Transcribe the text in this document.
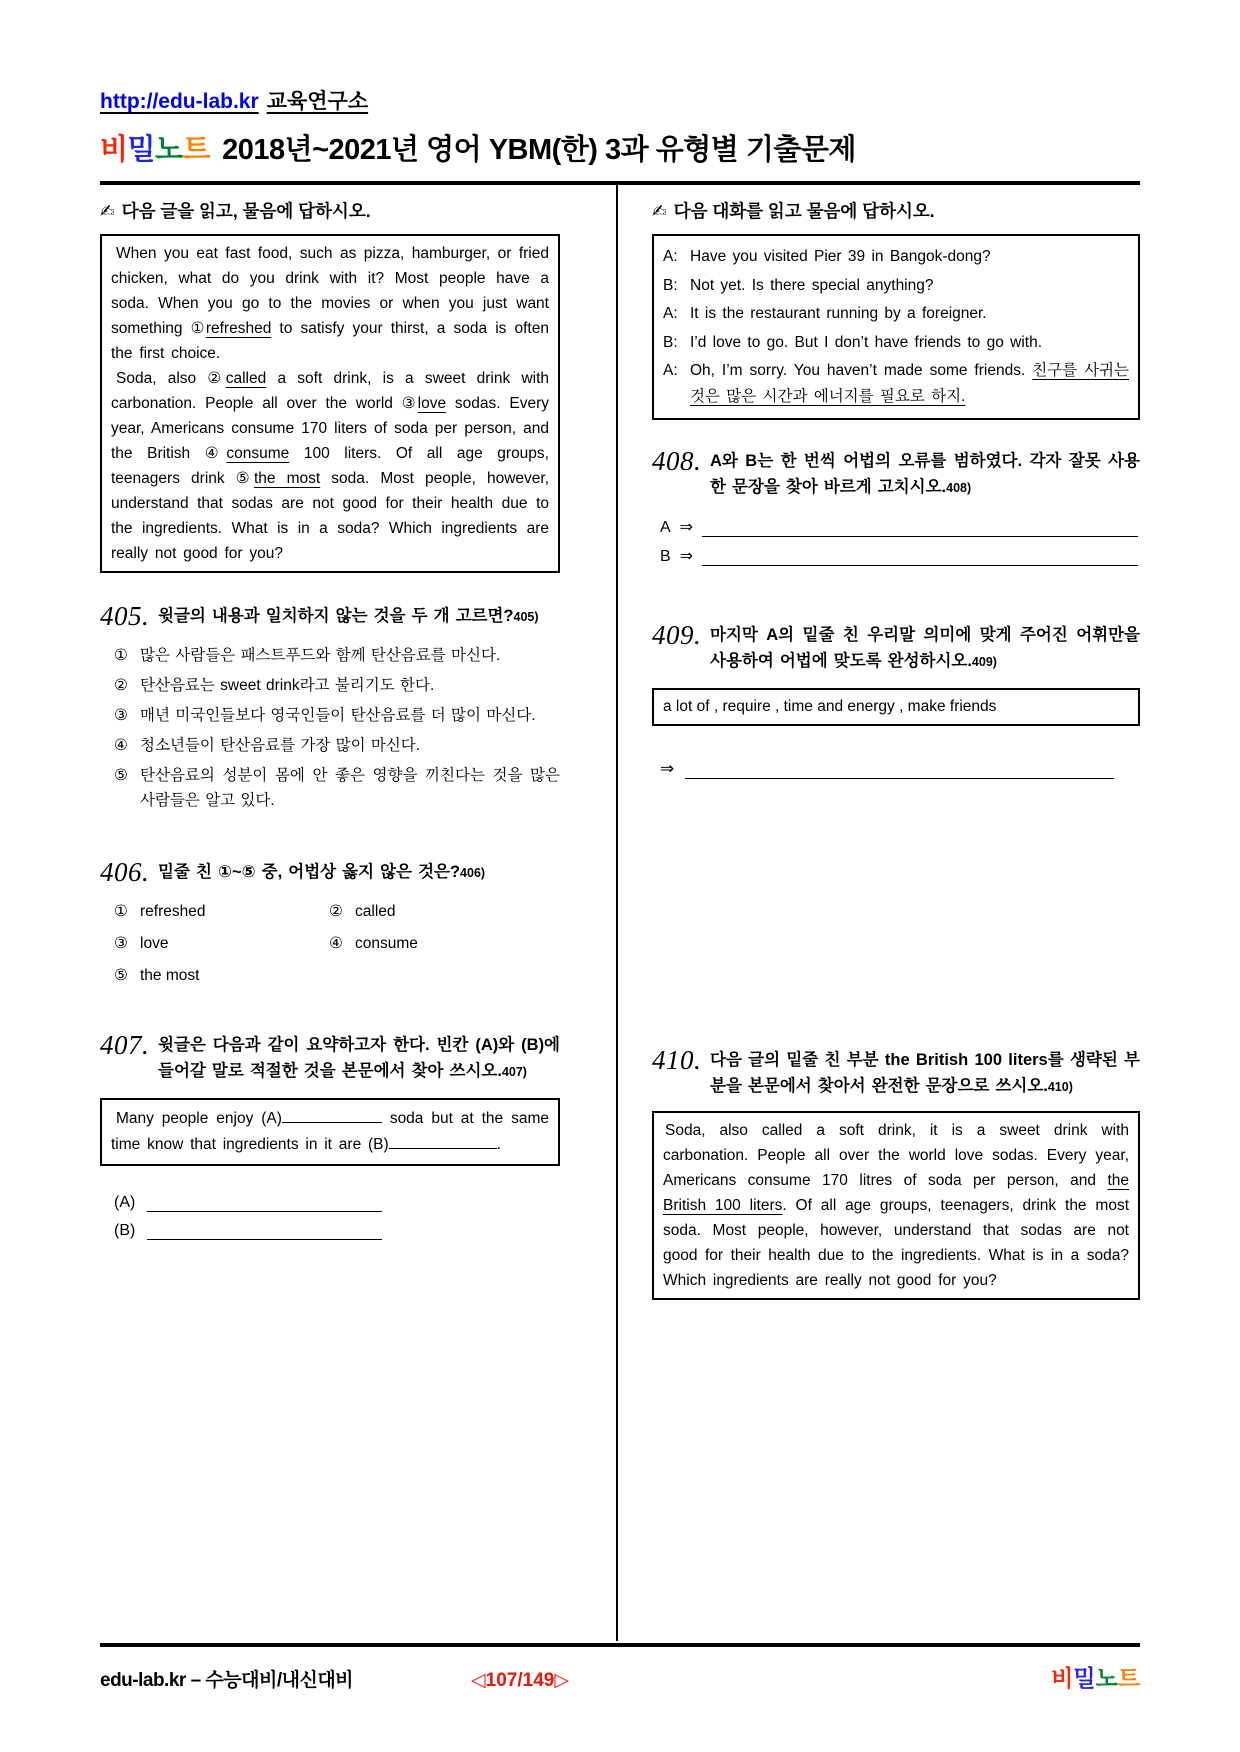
http://edu-lab.kr 교육연구소
비밀노트 2018년~2021년 영어 YBM(한) 3과 유형별 기출문제
✍ 다음 글을 읽고, 물음에 답하시오.

When you eat fast food, such as pizza, hamburger, or fried chicken, what do you drink with it? Most people have a soda. When you go to the movies or when you just want something ①refreshed to satisfy your thirst, a soda is often the first choice.

Soda, also ②called a soft drink, is a sweet drink with carbonation. People all over the world ③love sodas. Every year, Americans consume 170 liters of soda per person, and the British ④consume 100 liters. Of all age groups, teenagers drink ⑤the most soda. Most people, however, understand that sodas are not good for their health due to the ingredients. What is in a soda? Which ingredients are really not good for you?

405. 윗글의 내용과 일치하지 않는 것을 두 개 고르면?405)
① 많은 사람들은 패스트푸드와 함께 탄산음료를 마신다.
② 탄산음료는 sweet drink라고 불리기도 한다.
③ 매년 미국인들보다 영국인들이 탄산음료를 더 많이 마신다.
④ 청소년들이 탄산음료를 가장 많이 마신다.
⑤ 탄산음료의 성분이 몸에 안 좋은 영향을 끼친다는 것을 많은 사람들은 알고 있다.
406. 밑줄 친 ①~⑤ 중, 어법상 옳지 않은 것은?406)
① refreshed	② called
③ love	④ consume
⑤ the most
407. 윗글은 다음과 같이 요약하고자 한다. 빈칸 (A)와 (B)에 들어갈 말로 적절한 것을 본문에서 찾아 쓰시오.407)
Many people enjoy (A)	soda but at the same time know that ingredients in it are (B)	.
(A)
(B)
✍ 다음 대화를 읽고 물음에 답하시오.
A: Have you visited Pier 39 in Bangok-dong?
B: Not yet. Is there special anything?
A: It is the restaurant running by a foreigner.
B: I’d love to go. But I don’t have friends to go with.
A: Oh, I’m sorry. You haven’t made some friends. 친구를 사귀는 것은 많은 시간과 에너지를 필요로 하지.
408. A와 B는 한 번씩 어법의 오류를 범하였다. 각자 잘못 사용한 문장을 찾아 바르게 고치시오.408)
A ⇒
B ⇒
409. 마지막 A의 밑줄 친 우리말 의미에 맞게 주어진 어휘만을 사용하여 어법에 맞도록 완성하시오.409)
a lot of , require , time and energy , make friends
⇒
410. 다음 글의 밑줄 친 부분 the British 100 liters를 생략된 부분을 본문에서 찾아서 완전한 문장으로 쓰시오.410)

Soda, also called a soft drink, it is a sweet drink with carbonation. People all over the world love sodas. Every year, Americans consume 170 litres of soda per person, and the British 100 liters. Of all age groups, teenagers, drink the most soda. Most people, however, understand that sodas are not good for their health due to the ingredients. What is in a soda? Which ingredients are really not good for you?

edu-lab.kr – 수능대비/내신대비	◁107/149▷	비밀노트
